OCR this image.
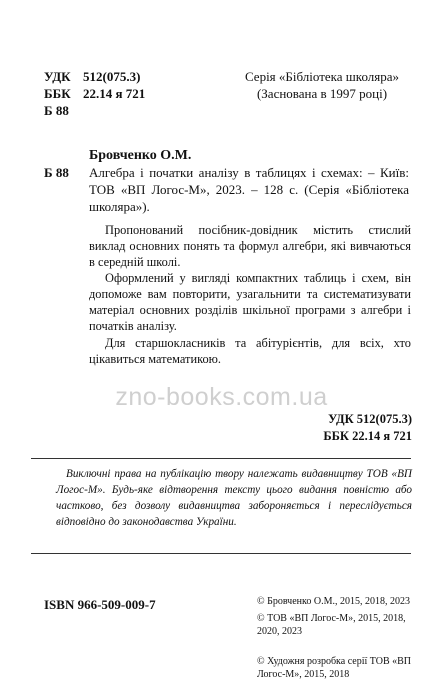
УДК 512(075.3)
ББК 22.14 я 721
Б 88
Серія «Бібліотека школяра»
(Заснована в 1997 році)
Бровченко О.М.
Б 88 Алгебра і початки аналізу в таблицях і схемах: – Київ: ТОВ «ВП Логос-М», 2023. – 128 с. (Серія «Бібліотека школяра»).
Пропонований посібник-довідник містить стислий виклад основних понять та формул алгебри, які вивчаються в середній школі.
Оформлений у вигляді компактних таблиць і схем, він допоможе вам повторити, узагальнити та систематизувати матеріал основних розділів шкільної програми з алгебри і початків аналізу.
Для старшокласників та абітурієнтів, для всіх, хто цікавиться математикою.
zno-books.com.ua
УДК 512(075.3)
ББК 22.14 я 721
Виключні права на публікацію твору належать видавництву ТОВ «ВП Логос-М». Будь-яке відтворення тексту цього видання повністю або частково, без дозволу видавництва забороняється і переслідується відповідно до законодавства України.
ISBN 966-509-009-7	© Бровченко О.М., 2015, 2018, 2023
© ТОВ «ВП Логос-М», 2015, 2018, 2020, 2023
© Художня розробка серії ТОВ «ВП Логос-М», 2015, 2018
